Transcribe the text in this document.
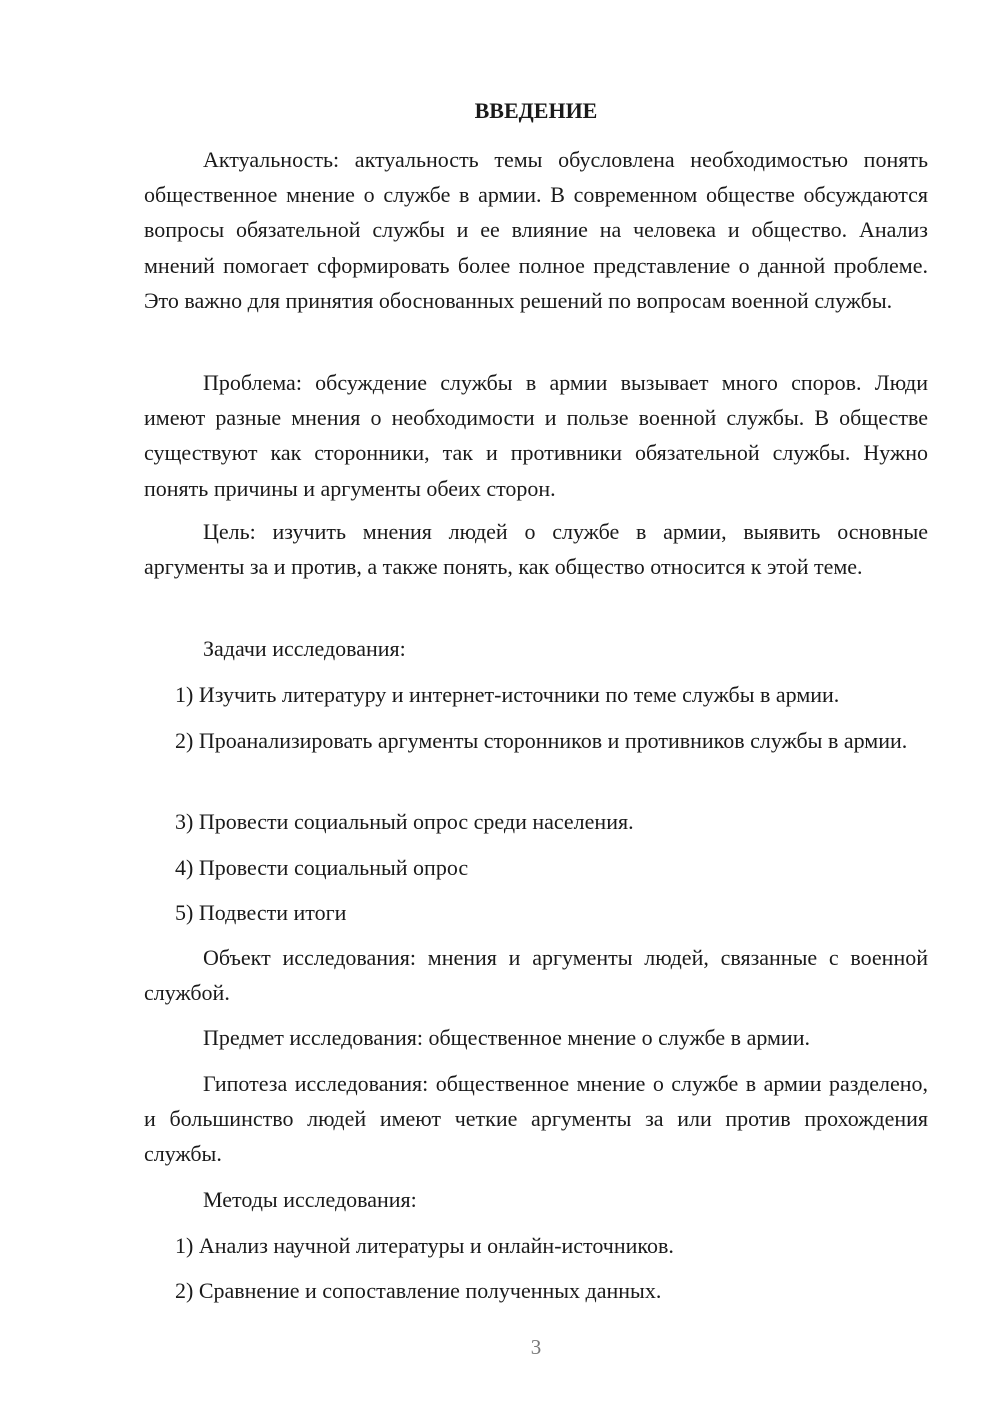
ВВЕДЕНИЕ

Актуальность: актуальность темы обусловлена необходимостью понять общественное мнение о службе в армии. В современном обществе обсуждаются вопросы обязательной службы и ее влияние на человека и общество. Анализ мнений помогает сформировать более полное представление о данной проблеме. Это важно для принятия обоснованных решений по вопросам военной службы.

Проблема: обсуждение службы в армии вызывает много споров. Люди имеют разные мнения о необходимости и пользе военной службы. В обществе существуют как сторонники, так и противники обязательной службы. Нужно понять причины и аргументы обеих сторон.

Цель: изучить мнения людей о службе в армии, выявить основные аргументы за и против, а также понять, как общество относится к этой теме.

Задачи исследования:

1) Изучить литературу и интернет-источники по теме службы в армии.

2) Проанализировать аргументы сторонников и противников службы в армии.

3) Провести социальный опрос среди населения.

4) Провести социальный опрос

5) Подвести итоги

Объект исследования: мнения и аргументы людей, связанные с военной службой.

Предмет исследования: общественное мнение о службе в армии.

Гипотеза исследования: общественное мнение о службе в армии разделено, и большинство людей имеют четкие аргументы за или против прохождения службы.

Методы исследования:

1) Анализ научной литературы и онлайн-источников.

2) Сравнение и сопоставление полученных данных.

3
